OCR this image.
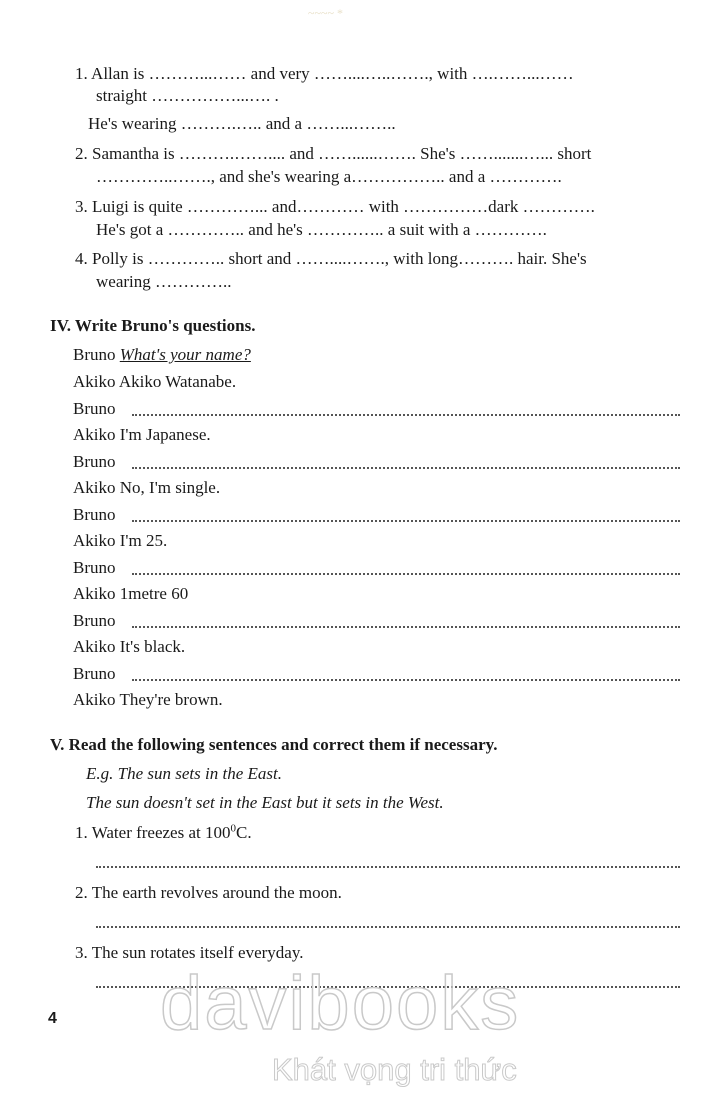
~~~~ *
1. Allan is ………...…… and very ……....…..……., with ….……...……
straight ……………...…. .
He's wearing ……….….. and a ……...……..
2. Samantha is ……….…….... and ……......……. She's …….......…... short
…………..……., and she's wearing a…………….. and a ………….
3. Luigi is quite …………... and………… with ……………dark ………….
He's got a ………….. and he's ………….. a suit with a ………….
4. Polly is ………….. short and ……....……., with long………. hair. She's
wearing …………..
IV. Write Bruno's questions.
Bruno What's your name?
Akiko Akiko Watanabe.
Bruno
Akiko I'm Japanese.
Bruno
Akiko No, I'm single.
Bruno
Akiko I'm 25.
Bruno
Akiko 1metre 60
Bruno
Akiko It's black.
Bruno
Akiko They're brown.
V. Read the following sentences and correct them if necessary.
E.g. The sun sets in the East.
The sun doesn't set in the East but it sets in the West.
1. Water freezes at $100^0C$.
2. The earth revolves around the moon.
3. The sun rotates itself everyday.
4 davibooks
Khát vọng tri thức
